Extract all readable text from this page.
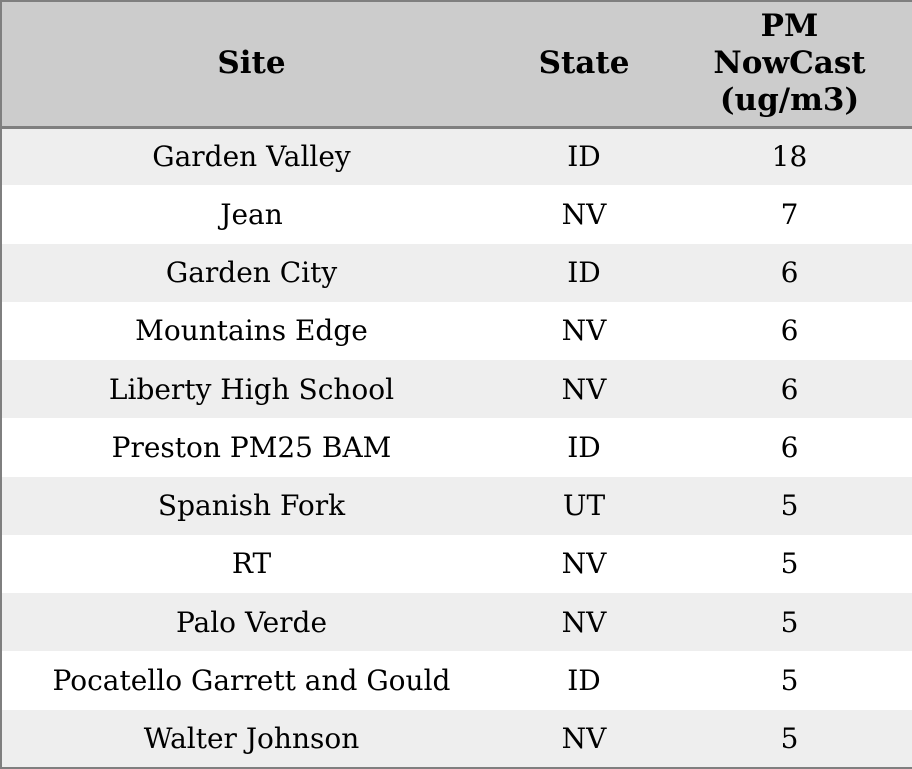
Site	State	PM NowCast (ug/m3)
Garden Valley	ID	18
Jean	NV	7
Garden City	ID	6
Mountains Edge	NV	6
Liberty High School	NV	6
Preston PM25 BAM	ID	6
Spanish Fork	UT	5
RT	NV	5
Palo Verde	NV	5
Pocatello Garrett and Gould	ID	5
Walter Johnson	NV	5
